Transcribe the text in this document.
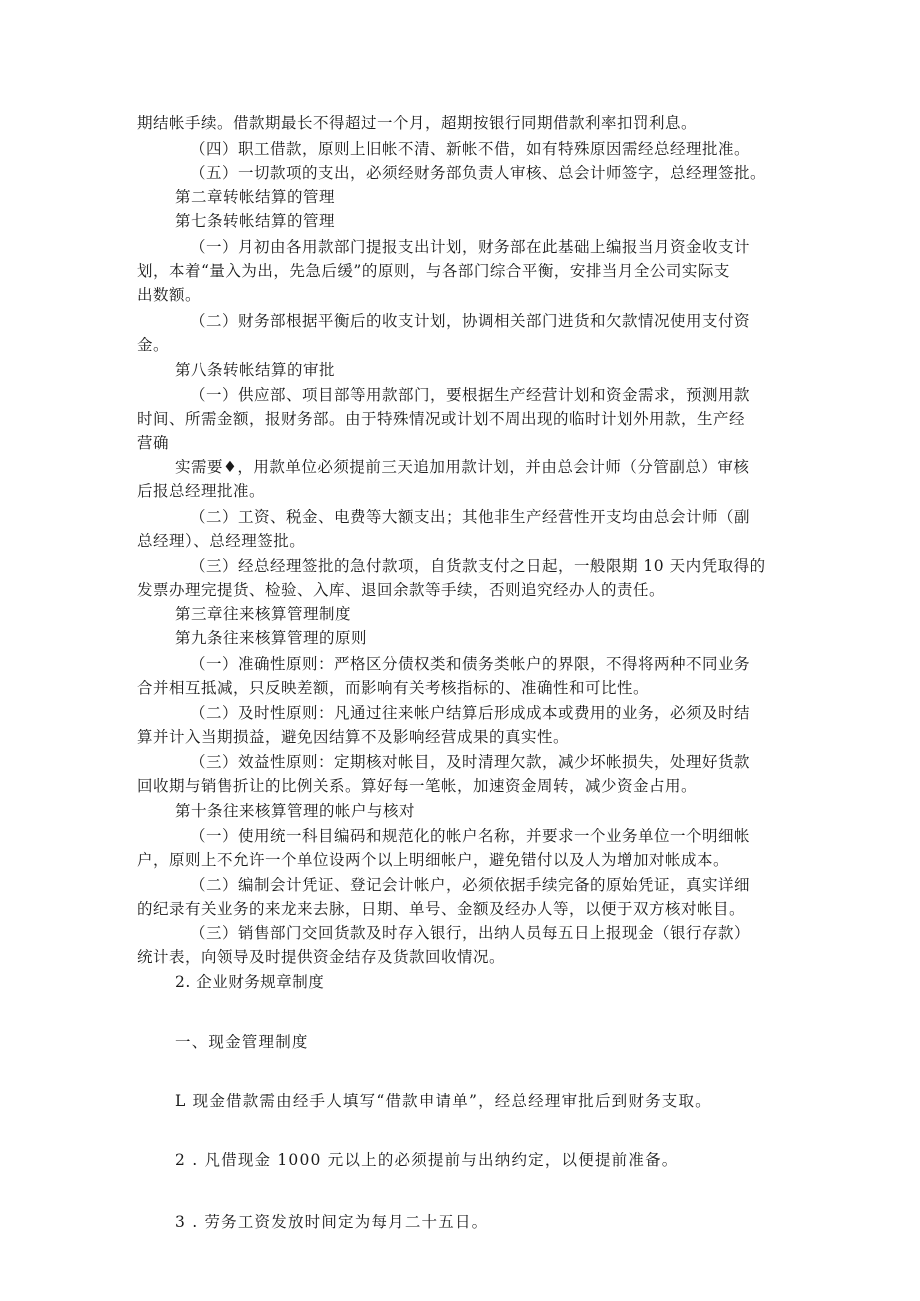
期结帐手续。借款期最长不得超过一个月，超期按银行同期借款利率扣罚利息。
（四）职工借款，原则上旧帐不清、新帐不借，如有特殊原因需经总经理批准。
（五）一切款项的支出，必须经财务部负责人审核、总会计师签字，总经理签批。
第二章转帐结算的管理
第七条转帐结算的管理
（一）月初由各用款部门提报支出计划，财务部在此基础上编报当月资金收支计
划，本着“量入为出，先急后缓”的原则，与各部门综合平衡，安排当月全公司实际支
出数额。
（二）财务部根据平衡后的收支计划，协调相关部门进货和欠款情况使用支付资
金。
第八条转帐结算的审批
（一）供应部、项目部等用款部门，要根据生产经营计划和资金需求，预测用款
时间、所需金额，报财务部。由于特殊情况或计划不周出现的临时计划外用款，生产经
营确
实需要♦，用款单位必须提前三天追加用款计划，并由总会计师（分管副总）审核
后报总经理批准。
（二）工资、税金、电费等大额支出；其他非生产经营性开支均由总会计师（副
总经理）、总经理签批。
（三）经总经理签批的急付款项，自货款支付之日起，一般限期 10 天内凭取得的
发票办理完提货、检验、入库、退回余款等手续，否则追究经办人的责任。
第三章往来核算管理制度
第九条往来核算管理的原则
（一）准确性原则：严格区分债权类和债务类帐户的界限，不得将两种不同业务
合并相互抵减，只反映差额，而影响有关考核指标的、准确性和可比性。
（二）及时性原则：凡通过往来帐户结算后形成成本或费用的业务，必须及时结
算并计入当期损益，避免因结算不及影响经营成果的真实性。
（三）效益性原则：定期核对帐目，及时清理欠款，减少坏帐损失，处理好货款
回收期与销售折让的比例关系。算好每一笔帐，加速资金周转，减少资金占用。
第十条往来核算管理的帐户与核对
（一）使用统一科目编码和规范化的帐户名称，并要求一个业务单位一个明细帐
户，原则上不允许一个单位设两个以上明细帐户，避免错付以及人为增加对帐成本。
（二）编制会计凭证、登记会计帐户，必须依据手续完备的原始凭证，真实详细
的纪录有关业务的来龙来去脉，日期、单号、金额及经办人等，以便于双方核对帐目。
（三）销售部门交回货款及时存入银行，出纳人员每五日上报现金（银行存款）
统计表，向领导及时提供资金结存及货款回收情况。
2. 企业财务规章制度
一、现金管理制度
L 现金借款需由经手人填写“借款申请单”，经总经理审批后到财务支取。
2 . 凡借现金 1000 元以上的必须提前与出纳约定，以便提前准备。
3 . 劳务工资发放时间定为每月二十五日。
